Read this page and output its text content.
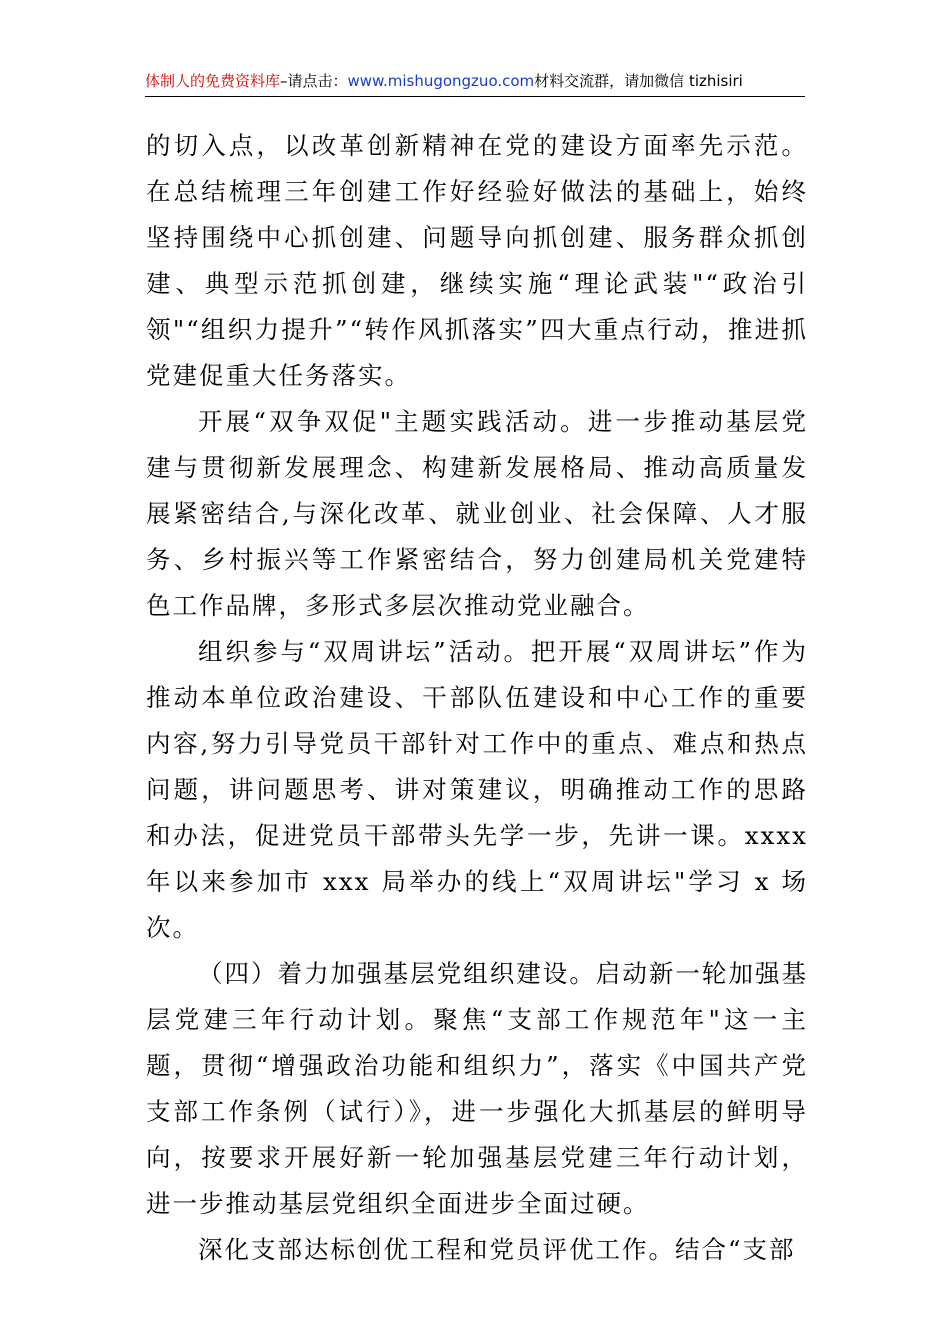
体制人的免费资料库–请点击：www.mishugongzuo.com材料交流群，请加微信 tizhisiri

的切入点，以改革创新精神在党的建设方面率先示范。在总结梳理三年创建工作好经验好做法的基础上，始终坚持围绕中心抓创建、问题导向抓创建、服务群众抓创建、典型示范抓创建，继续实施“理论武装"“政治引领"“组织力提升”“转作风抓落实”四大重点行动，推进抓党建促重大任务落实。

开展“双争双促"主题实践活动。进一步推动基层党建与贯彻新发展理念、构建新发展格局、推动高质量发展紧密结合,与深化改革、就业创业、社会保障、人才服务、乡村振兴等工作紧密结合，努力创建局机关党建特色工作品牌，多形式多层次推动党业融合。

组织参与“双周讲坛”活动。把开展“双周讲坛”作为推动本单位政治建设、干部队伍建设和中心工作的重要内容,努力引导党员干部针对工作中的重点、难点和热点问题，讲问题思考、讲对策建议，明确推动工作的思路和办法，促进党员干部带头先学一步，先讲一课。xxxx 年以来参加市 xxx 局举办的线上“双周讲坛"学习 x 场次。

（四）着力加强基层党组织建设。启动新一轮加强基层党建三年行动计划。聚焦“支部工作规范年"这一主题，贯彻“增强政治功能和组织力”，落实《中国共产党支部工作条例（试行）》，进一步强化大抓基层的鲜明导向，按要求开展好新一轮加强基层党建三年行动计划，进一步推动基层党组织全面进步全面过硬。

深化支部达标创优工程和党员评优工作。结合“支部
